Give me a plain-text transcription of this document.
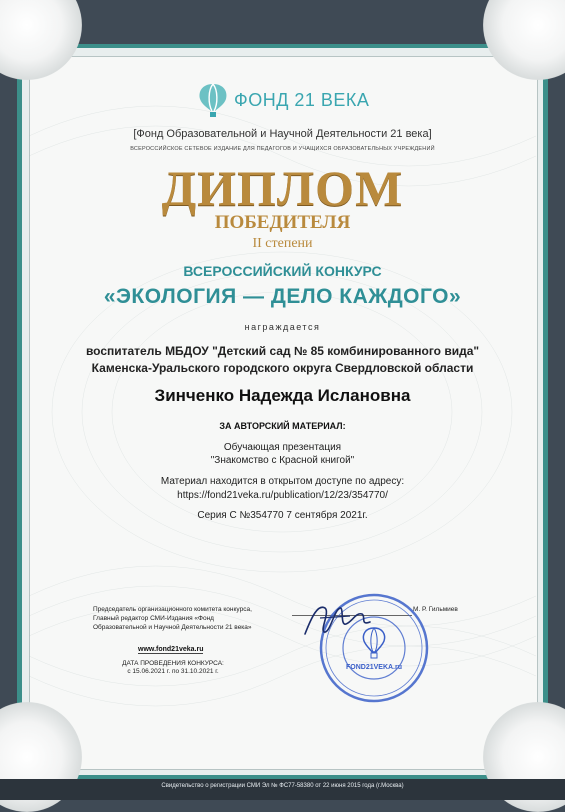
ФОНД 21 ВЕКА
[Фонд Образовательной и Научной Деятельности 21 века]
ВСЕРОССИЙСКОЕ СЕТЕВОЕ ИЗДАНИЕ ДЛЯ ПЕДАГОГОВ И УЧАЩИХСЯ ОБРАЗОВАТЕЛЬНЫХ УЧРЕЖДЕНИЙ
ДИПЛОМ
ПОБЕДИТЕЛЯ
II степени
ВСЕРОССИЙСКИЙ КОНКУРС
«ЭКОЛОГИЯ — ДЕЛО КАЖДОГО»
награждается
воспитатель МБДОУ "Детский сад № 85 комбинированного вида"
Каменска-Уральского городского округа Свердловской области
Зинченко Надежда Ислановна
ЗА АВТОРСКИЙ МАТЕРИАЛ:
Обучающая презентация
"Знакомство с Красной книгой"
Материал находится в открытом доступе по адресу:
https://fond21veka.ru/publication/12/23/354770/
Серия С №354770 7 сентября 2021г.
Председатель организационного комитета конкурса,
Главный редактор СМИ-Издания «Фонд
Образовательной и Научной Деятельности 21 века»
www.fond21veka.ru
ДАТА ПРОВЕДЕНИЯ КОНКУРСА:
с 15.06.2021 г. по 31.10.2021 г.
М. Р. Гильмиев
FOND21VEKA.ru
Свидетельство о регистрации СМИ Эл № ФС77-58380 от 22 июня 2015 года (г.Москва)
